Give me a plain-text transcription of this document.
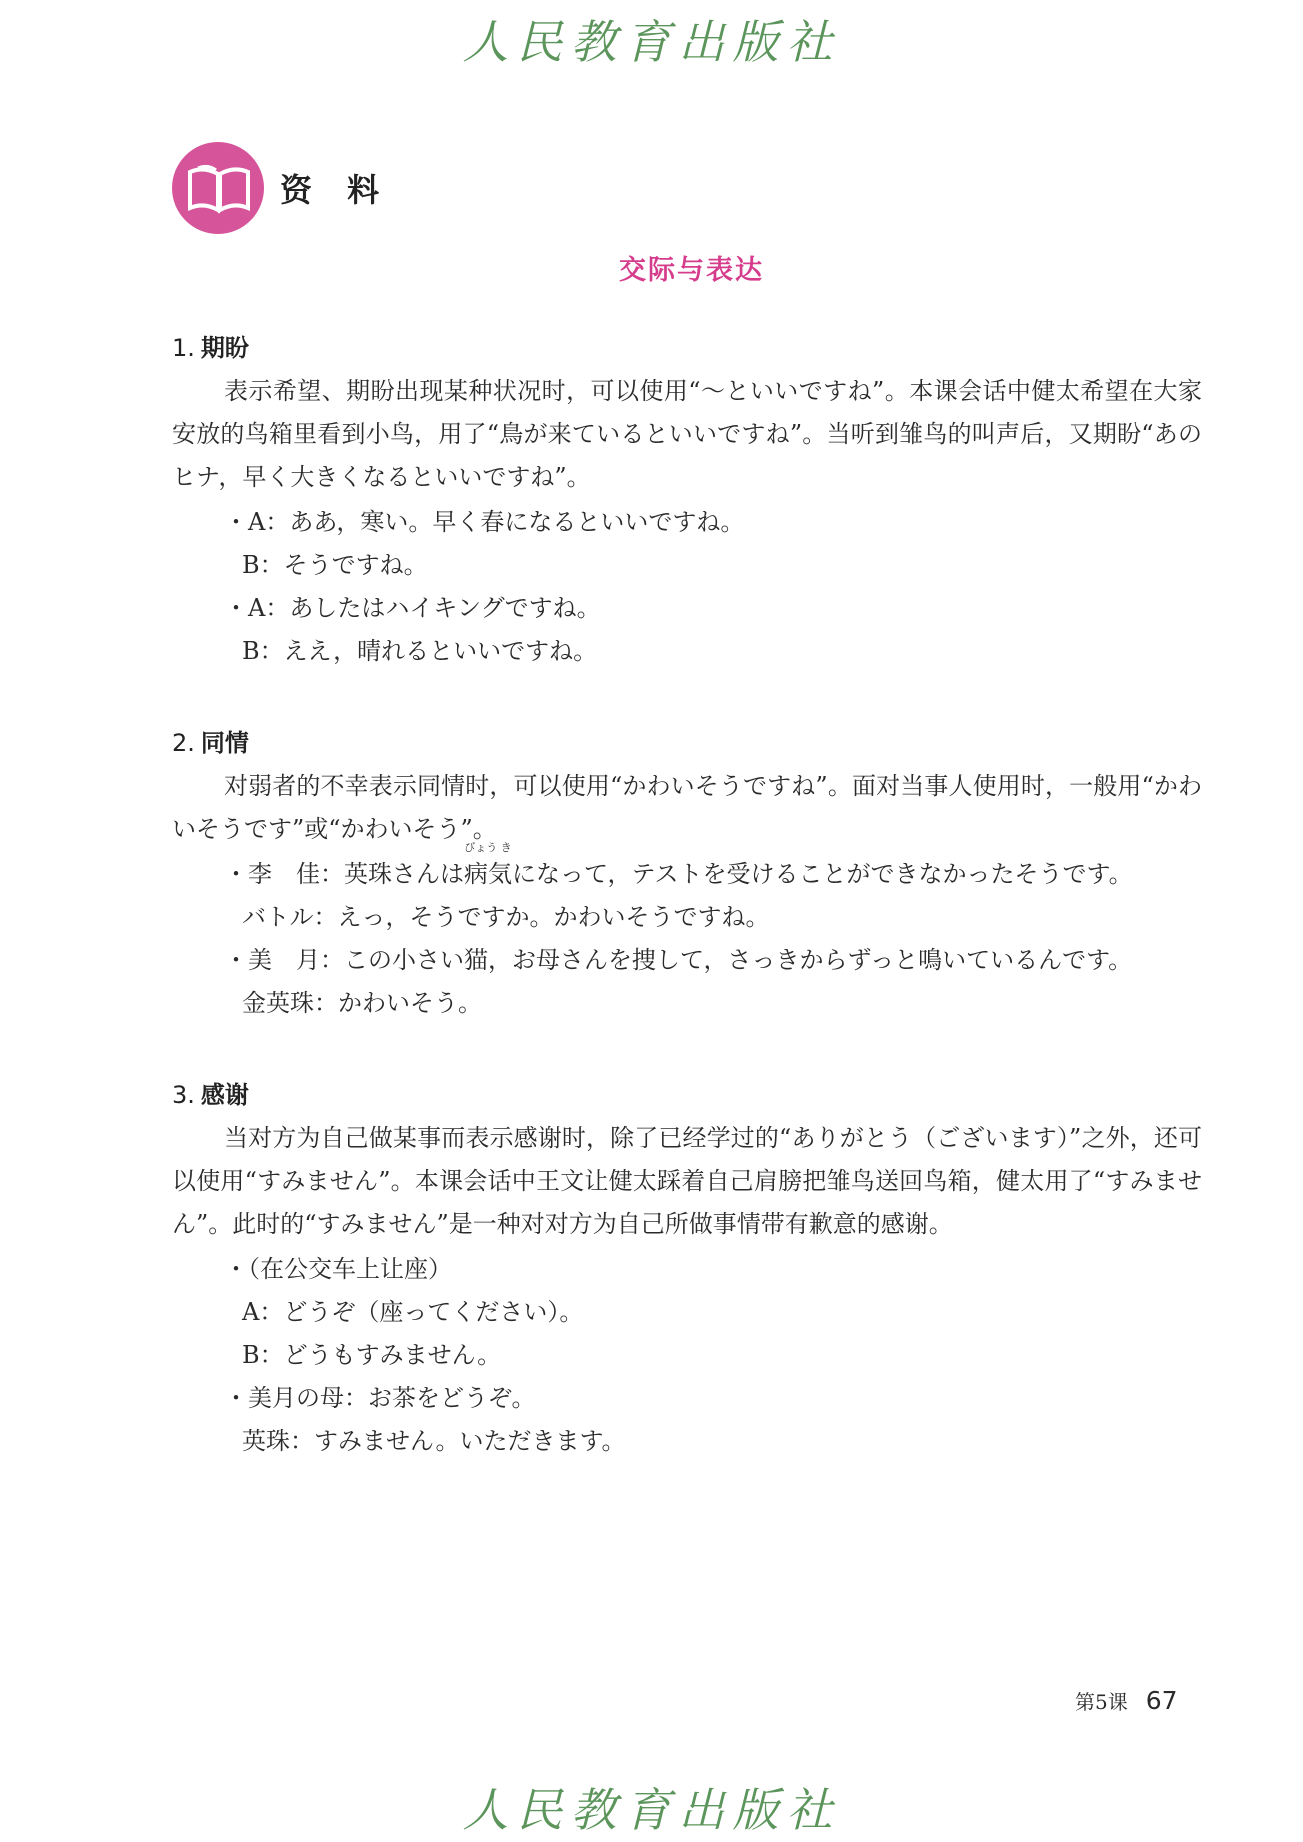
人民教育出版社
资 料
交际与表达
1. 期盼

表示希望、期盼出现某种状况时，可以使用“～といいですね”。本课会话中健太希望在大家安放的鸟箱里看到小鸟，用了“鳥が来ているといいですね”。当听到雏鸟的叫声后，又期盼“あのヒナ，早く大きくなるといいですね”。

・A：ああ，寒い。早く春になるといいですね。
B：そうですね。
・A：あしたはハイキングですね。
B：ええ，晴れるといいですね。
2. 同情

对弱者的不幸表示同情时，可以使用“かわいそうですね”。面对当事人使用时，一般用“かわいそうです”或“かわいそう”。

・李　佳：英珠さんは
びょう き
病気になって，テストを受けることができなかったそうです。
バトル：えっ，そうですか。かわいそうですね。
・美　月：この小さい猫，お母さんを捜して，さっきからずっと鳴いているんです。
金英珠：かわいそう。
3. 感谢

当对方为自己做某事而表示感谢时，除了已经学过的“ありがとう（ございます）”之外，还可以使用“すみません”。本课会话中王文让健太踩着自己肩膀把雏鸟送回鸟箱，健太用了“すみません”。此时的“すみません”是一种对对方为自己所做事情带有歉意的感谢。

・（在公交车上让座）
A：どうぞ（座ってください）。
B：どうもすみません。
・美月の母：お茶をどうぞ。
英珠：すみません。いただきます。
第5课 67
人民教育出版社
